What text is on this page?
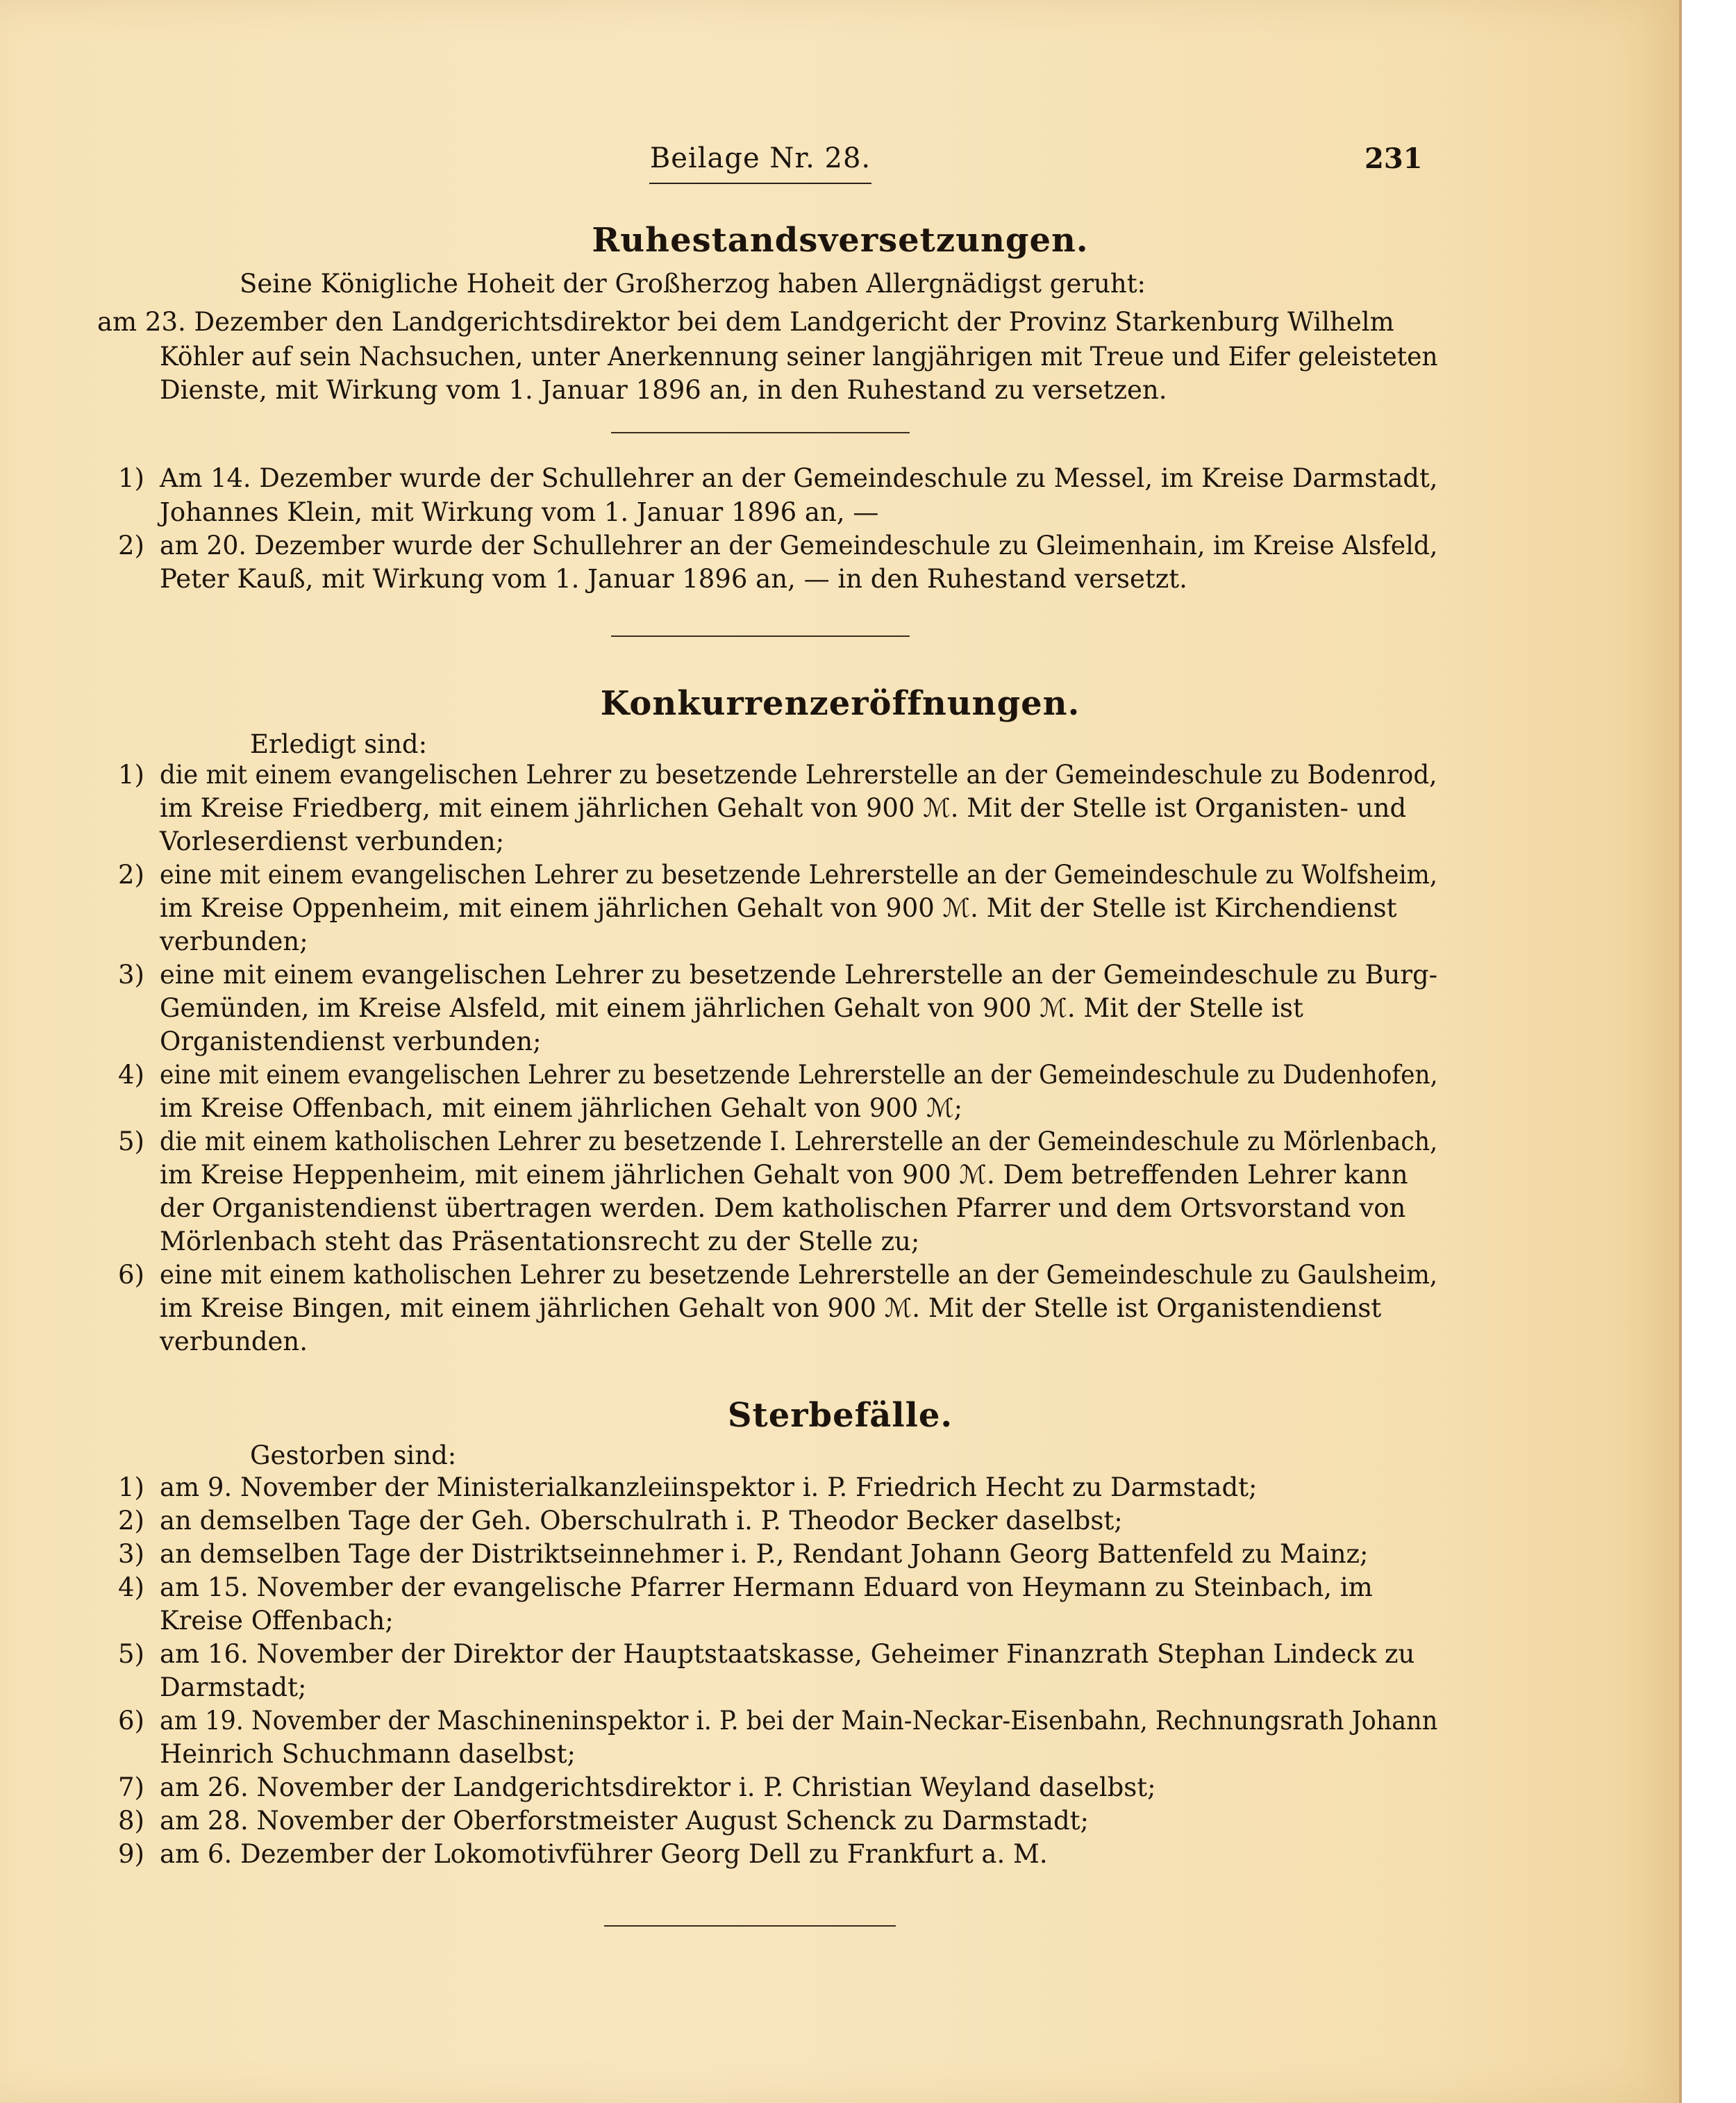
Beilage Nr. 28.	231
Ruhestandsversetzungen.
Seine Königliche Hoheit der Großherzog haben Allergnädigst geruht:
am 23. Dezember den Landgerichtsdirektor bei dem Landgericht der Provinz Starkenburg Wilhelm
Köhler auf sein Nachsuchen, unter Anerkennung seiner langjährigen mit Treue und Eifer geleisteten
Dienste, mit Wirkung vom 1. Januar 1896 an, in den Ruhestand zu versetzen.
1) Am 14. Dezember wurde der Schullehrer an der Gemeindeschule zu Messel, im Kreise Darmstadt,
Johannes Klein, mit Wirkung vom 1. Januar 1896 an, —
2) am 20. Dezember wurde der Schullehrer an der Gemeindeschule zu Gleimenhain, im Kreise Alsfeld,
Peter Kauß, mit Wirkung vom 1. Januar 1896 an, — in den Ruhestand versetzt.
Konkurrenzeröffnungen.
Erledigt sind:
1) die mit einem evangelischen Lehrer zu besetzende Lehrerstelle an der Gemeindeschule zu Bodenrod,
im Kreise Friedberg, mit einem jährlichen Gehalt von 900 ℳ. Mit der Stelle ist Organisten- und
Vorleserdienst verbunden;
2) eine mit einem evangelischen Lehrer zu besetzende Lehrerstelle an der Gemeindeschule zu Wolfsheim,
im Kreise Oppenheim, mit einem jährlichen Gehalt von 900 ℳ. Mit der Stelle ist Kirchendienst
verbunden;
3) eine mit einem evangelischen Lehrer zu besetzende Lehrerstelle an der Gemeindeschule zu Burg-
Gemünden, im Kreise Alsfeld, mit einem jährlichen Gehalt von 900 ℳ. Mit der Stelle ist
Organistendienst verbunden;
4) eine mit einem evangelischen Lehrer zu besetzende Lehrerstelle an der Gemeindeschule zu Dudenhofen,
im Kreise Offenbach, mit einem jährlichen Gehalt von 900 ℳ;
5) die mit einem katholischen Lehrer zu besetzende I. Lehrerstelle an der Gemeindeschule zu Mörlenbach,
im Kreise Heppenheim, mit einem jährlichen Gehalt von 900 ℳ. Dem betreffenden Lehrer kann
der Organistendienst übertragen werden. Dem katholischen Pfarrer und dem Ortsvorstand von
Mörlenbach steht das Präsentationsrecht zu der Stelle zu;
6) eine mit einem katholischen Lehrer zu besetzende Lehrerstelle an der Gemeindeschule zu Gaulsheim,
im Kreise Bingen, mit einem jährlichen Gehalt von 900 ℳ. Mit der Stelle ist Organistendienst
verbunden.
Sterbefälle.
Gestorben sind:
1) am 9. November der Ministerialkanzleiinspektor i. P. Friedrich Hecht zu Darmstadt;
2) an demselben Tage der Geh. Oberschulrath i. P. Theodor Becker daselbst;
3) an demselben Tage der Distriktseinnehmer i. P., Rendant Johann Georg Battenfeld zu Mainz;
4) am 15. November der evangelische Pfarrer Hermann Eduard von Heymann zu Steinbach, im
Kreise Offenbach;
5) am 16. November der Direktor der Hauptstaatskasse, Geheimer Finanzrath Stephan Lindeck zu
Darmstadt;
6) am 19. November der Maschineninspektor i. P. bei der Main-Neckar-Eisenbahn, Rechnungsrath Johann
Heinrich Schuchmann daselbst;
7) am 26. November der Landgerichtsdirektor i. P. Christian Weyland daselbst;
8) am 28. November der Oberforstmeister August Schenck zu Darmstadt;
9) am 6. Dezember der Lokomotivführer Georg Dell zu Frankfurt a. M.
